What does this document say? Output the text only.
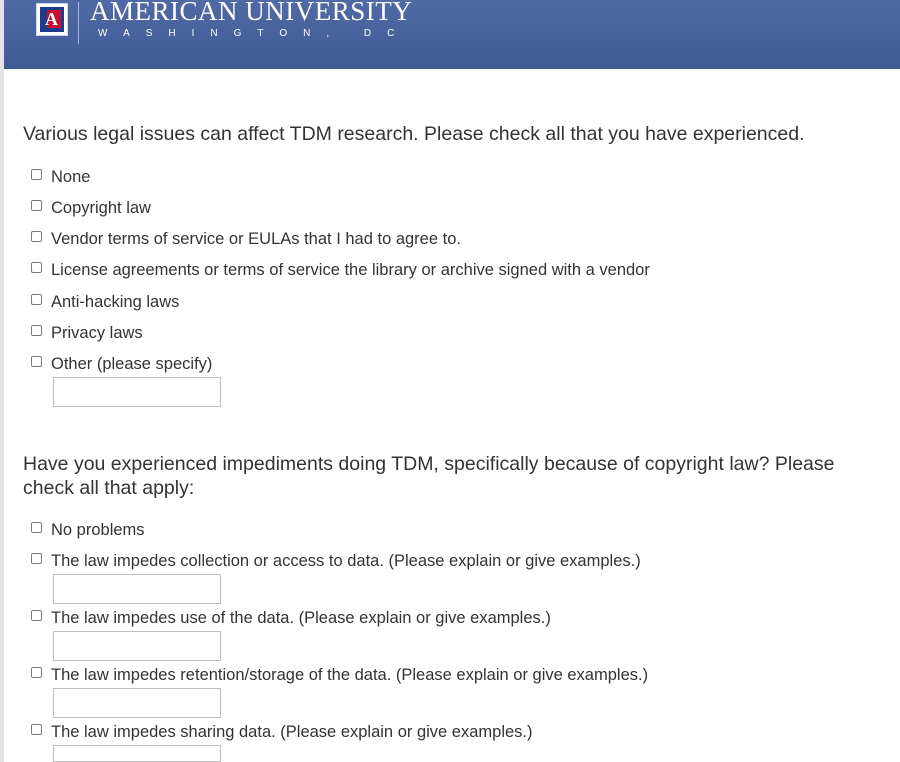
A AMERICAN UNIVERSITY
WASHINGTON, DC
Various legal issues can affect TDM research. Please check all that you have experienced.
None
Copyright law
Vendor terms of service or EULAs that I had to agree to.
License agreements or terms of service the library or archive signed with a vendor
Anti-hacking laws
Privacy laws
Other (please specify)
Have you experienced impediments doing TDM, specifically because of copyright law? Please check all that apply:
No problems
The law impedes collection or access to data. (Please explain or give examples.)
The law impedes use of the data. (Please explain or give examples.)
The law impedes retention/storage of the data. (Please explain or give examples.)
The law impedes sharing data. (Please explain or give examples.)
